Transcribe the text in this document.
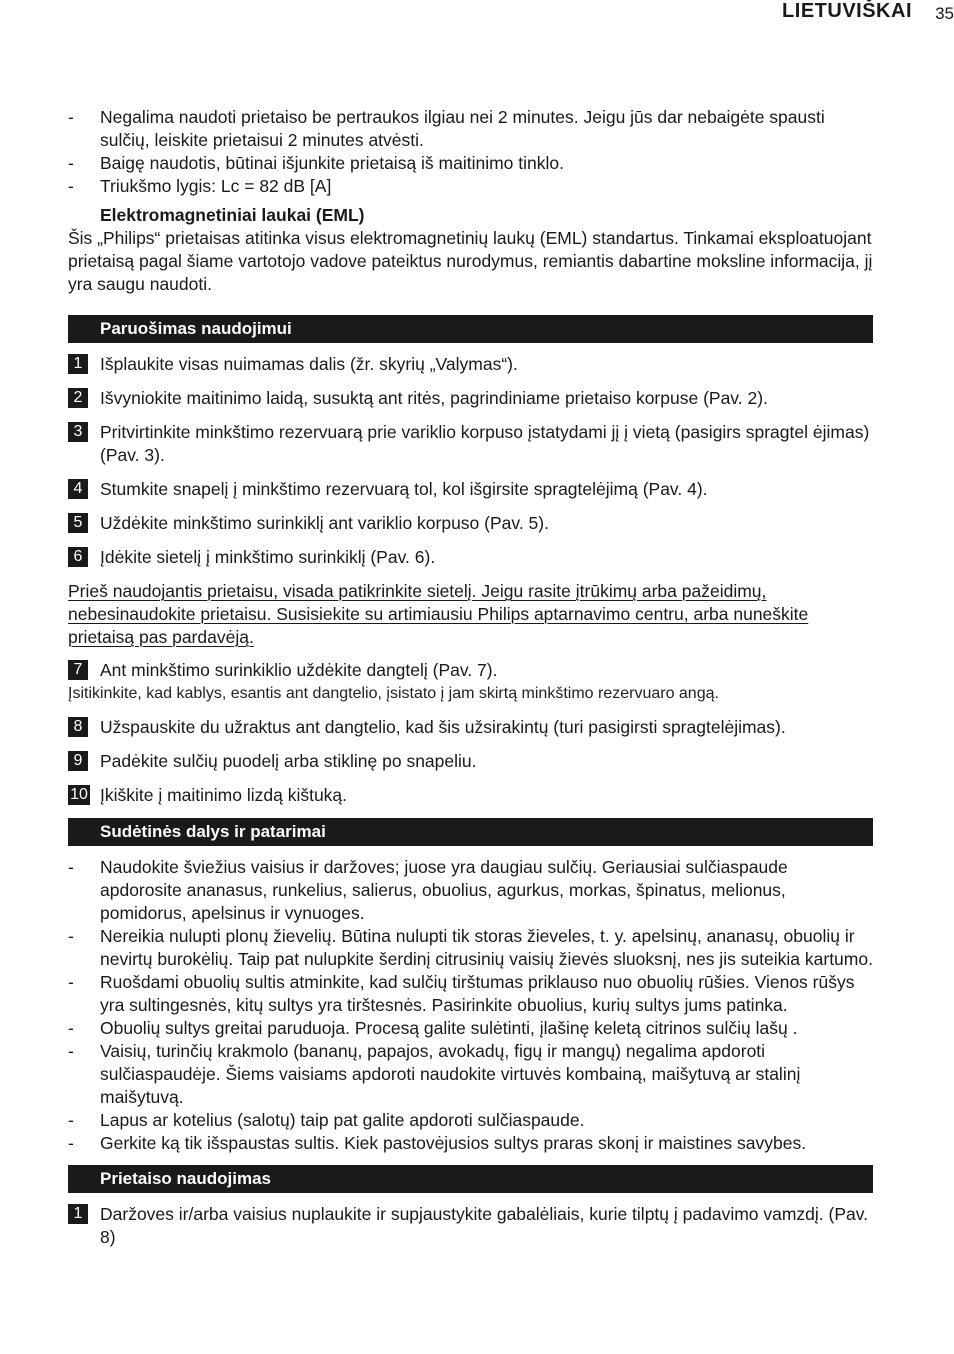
LIETUVIŠKAI 35
- Negalima naudoti prietaiso be pertraukos ilgiau nei 2 minutes. Jeigu jūs dar nebaigėte spausti sulčių, leiskite prietaisui 2 minutes atvėsti.
- Baigę naudotis, būtinai išjunkite prietaisą iš maitinimo tinklo.
- Triukšmo lygis: Lc = 82 dB [A]
Elektromagnetiniai laukai (EML)

Šis „Philips“ prietaisas atitinka visus elektromagnetinių laukų (EML) standartus. Tinkamai eksploatuojant prietaisą pagal šiame vartotojo vadove pateiktus nurodymus, remiantis dabartine moksline informacija, jį yra saugu naudoti.

Paruošimas naudojimui
1	Išplaukite visas nuimamas dalis (žr. skyrių „Valymas“).
2	Išvyniokite maitinimo laidą, susuktą ant ritės, pagrindiniame prietaiso korpuse (Pav. 2).
3	Pritvirtinkite minkštimo rezervuarą prie variklio korpuso įstatydami jį į vietą (pasigirs spragtel ėjimas) (Pav. 3).
4	Stumkite snapelį į minkštimo rezervuarą tol, kol išgirsite spragtelėjimą (Pav. 4).
5	Uždėkite minkštimo surinkiklį ant variklio korpuso (Pav. 5).
6	Įdėkite sietelį į minkštimo surinkiklį (Pav. 6).
Prieš naudojantis prietaisu, visada patikrinkite sietelį. Jeigu rasite įtrūkimų arba pažeidimų, nebesinaudokite prietaisu. Susisiekite su artimiausiu Philips aptarnavimo centru, arba nuneškite prietaisą pas pardavėją.
7	Ant minkštimo surinkiklio uždėkite dangtelį (Pav. 7).
Įsitikinkite, kad kablys, esantis ant dangtelio, įsistato į jam skirtą minkštimo rezervuaro angą.
8	Užspauskite du užraktus ant dangtelio, kad šis užsirakintų (turi pasigirsti spragtelėjimas).
9	Padėkite sulčių puodelį arba stiklinę po snapeliu.
10 Įkiškite į maitinimo lizdą kištuką.
Sudėtinės dalys ir patarimai
- Naudokite šviežius vaisius ir daržoves; juose yra daugiau sulčių. Geriausiai sulčiaspaude apdorosite ananasus, runkelius, salierus, obuolius, agurkus, morkas, špinatus, melionus, pomidorus, apelsinus ir vynuoges.
- Nereikia nulupti plonų žievelių. Būtina nulupti tik storas žieveles, t. y. apelsinų, ananasų, obuolių ir nevirtų burokėlių. Taip pat nulupkite šerdinį citrusinių vaisių žievės sluoksnį, nes jis suteikia kartumo.
- Ruošdami obuolių sultis atminkite, kad sulčių tirštumas priklauso nuo obuolių rūšies. Vienos rūšys yra sultingesnės, kitų sultys yra tirštesnės. Pasirinkite obuolius, kurių sultys jums patinka.
- Obuolių sultys greitai paruduoja. Procesą galite sulėtinti, įlašinę keletą citrinos sulčių lašų .
- Vaisių, turinčių krakmolo (bananų, papajos, avokadų, figų ir mangų) negalima apdoroti sulčiaspaudėje. Šiems vaisiams apdoroti naudokite virtuvės kombainą, maišytuvą ar stalinį maišytuvą.
- Lapus ar kotelius (salotų) taip pat galite apdoroti sulčiaspaude.
- Gerkite ką tik išspaustas sultis. Kiek pastovėjusios sultys praras skonį ir maistines savybes.
Prietaiso naudojimas
1	Daržoves ir/arba vaisius nuplaukite ir supjaustykite gabalėliais, kurie tilptų į padavimo vamzdį. (Pav. 8)
